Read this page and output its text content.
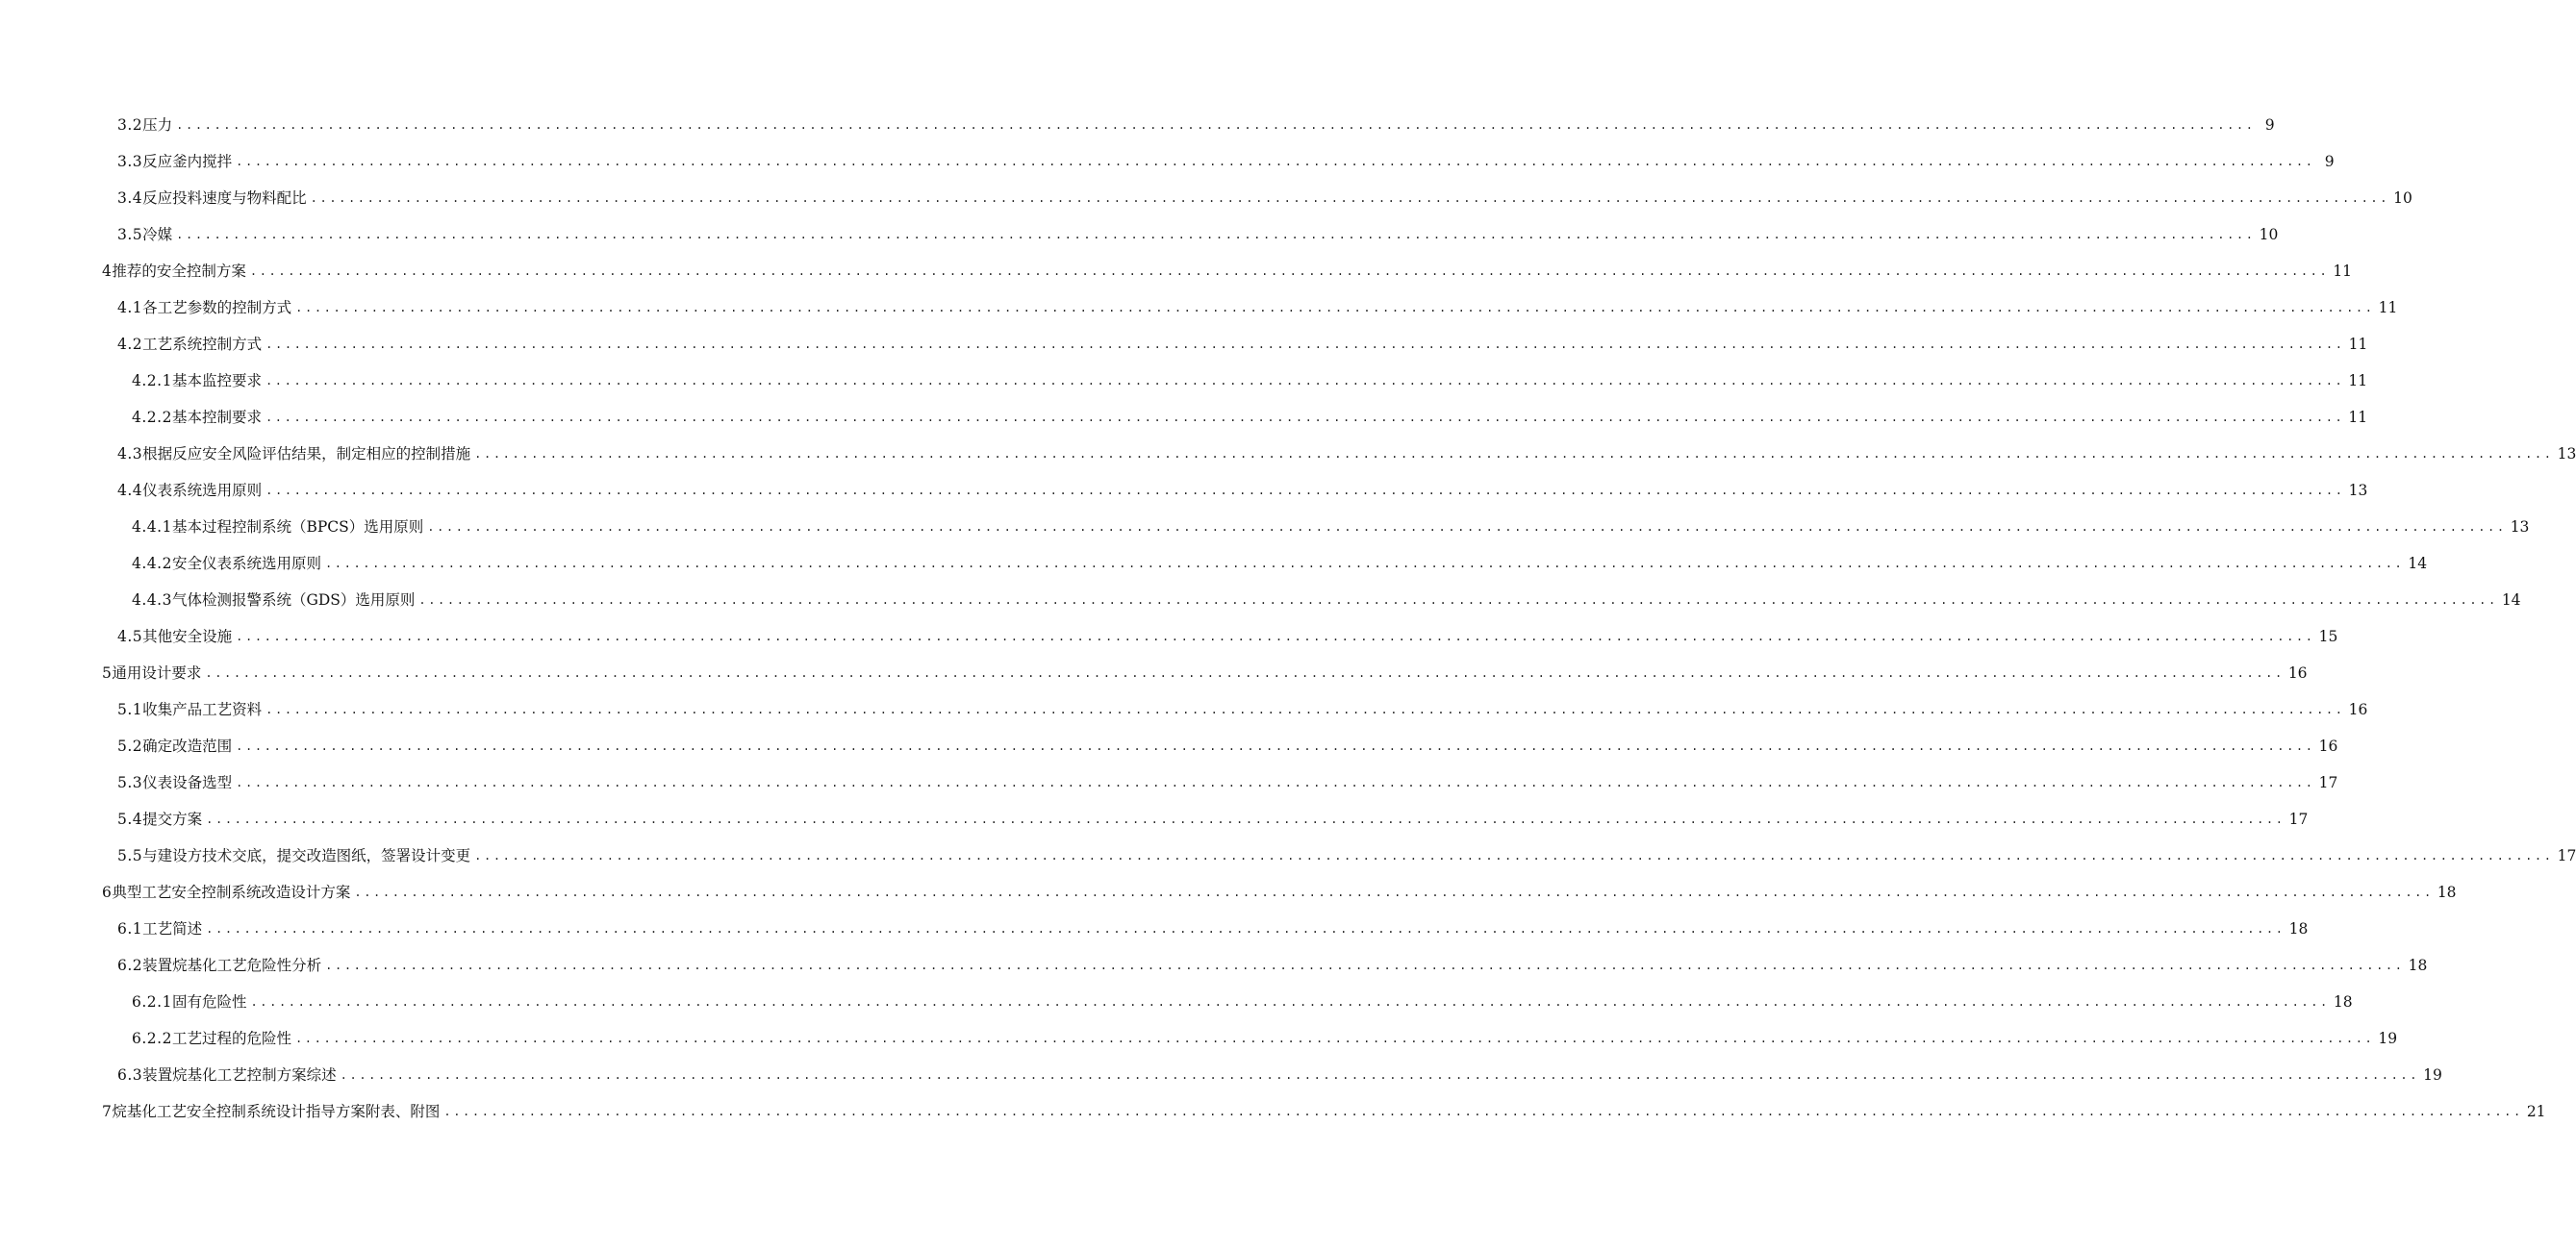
3.2 压力 ............................................................................................................................................................................................................................ 9
3.3 反应釜内搅拌 ............................................................................................................................................................................................................................ 9
3.4 反应投料速度与物料配比 ............................................................................................................................................................................................................................ 10
3.5 冷媒 ............................................................................................................................................................................................................................ 10
4 推荐的安全控制方案 ............................................................................................................................................................................................................................ 11
4.1 各工艺参数的控制方式 ............................................................................................................................................................................................................................ 11
4.2 工艺系统控制方式 ............................................................................................................................................................................................................................ 11
4.2.1 基本监控要求 ............................................................................................................................................................................................................................ 11
4.2.2 基本控制要求 ............................................................................................................................................................................................................................ 11
4.3 根据反应安全风险评估结果，制定相应的控制措施 ............................................................................................................................................................................................................................ 13
4.4 仪表系统选用原则 ............................................................................................................................................................................................................................ 13
4.4.1 基本过程控制系统（BPCS）选用原则 ............................................................................................................................................................................................................................ 13
4.4.2 安全仪表系统选用原则 ............................................................................................................................................................................................................................ 14
4.4.3 气体检测报警系统（GDS）选用原则 ............................................................................................................................................................................................................................ 14
4.5 其他安全设施 ............................................................................................................................................................................................................................ 15
5 通用设计要求 ............................................................................................................................................................................................................................ 16
5.1 收集产品工艺资料 ............................................................................................................................................................................................................................ 16
5.2 确定改造范围 ............................................................................................................................................................................................................................ 16
5.3 仪表设备选型 ............................................................................................................................................................................................................................ 17
5.4 提交方案 ............................................................................................................................................................................................................................ 17
5.5 与建设方技术交底，提交改造图纸，签署设计变更 ............................................................................................................................................................................................................................ 17
6 典型工艺安全控制系统改造设计方案 ............................................................................................................................................................................................................................ 18
6.1 工艺简述 ............................................................................................................................................................................................................................ 18
6.2 装置烷基化工艺危险性分析 ............................................................................................................................................................................................................................ 18
6.2.1 固有危险性 ............................................................................................................................................................................................................................ 18
6.2.2 工艺过程的危险性 ............................................................................................................................................................................................................................ 19
6.3 装置烷基化工艺控制方案综述 ............................................................................................................................................................................................................................ 19
7 烷基化工艺安全控制系统设计指导方案附表、附图 ............................................................................................................................................................................................................................ 21
